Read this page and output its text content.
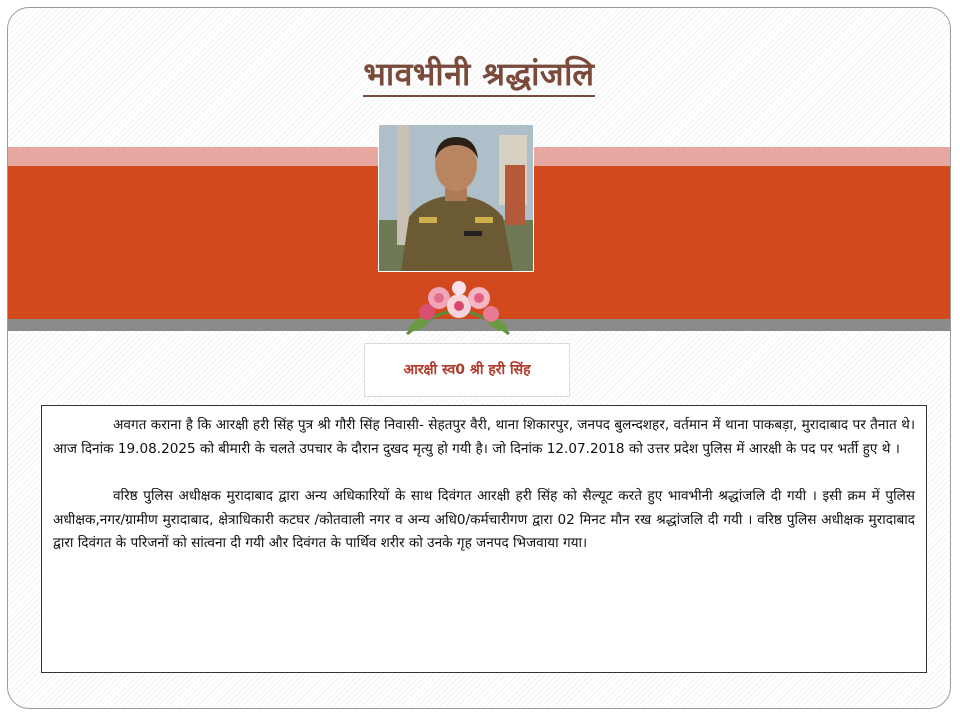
भावभीनी श्रद्धांजलि
आरक्षी स्व0 श्री हरी सिंह

अवगत कराना है कि आरक्षी हरी सिंह पुत्र श्री गौरी सिंह निवासी- सेहतपुर वैरी, थाना शिकारपुर, जनपद बुलन्दशहर, वर्तमान में थाना पाकबड़ा, मुरादाबाद पर तैनात थे। आज दिनांक 19.08.2025 को बीमारी के चलते उपचार के दौरान दुखद मृत्यु हो गयी है। जो दिनांक 12.07.2018 को उत्तर प्रदेश पुलिस में आरक्षी के पद पर भर्ती हुए थे ।

वरिष्ठ पुलिस अधीक्षक मुरादाबाद द्वारा अन्य अधिकारियों के साथ दिवंगत आरक्षी हरी सिंह को सैल्यूट करते हुए भावभीनी श्रद्धांजलि दी गयी । इसी क्रम में पुलिस अधीक्षक,नगर/ग्रामीण मुरादाबाद, क्षेत्राधिकारी कटघर /कोतवाली नगर व अन्य अधि0/कर्मचारीगण द्वारा 02 मिनट मौन रख श्रद्धांजलि दी गयी । वरिष्ठ पुलिस अधीक्षक मुरादाबाद द्वारा दिवंगत के परिजनों को सांत्वना दी गयी और दिवंगत के पार्थिव शरीर को उनके गृह जनपद भिजवाया गया।
